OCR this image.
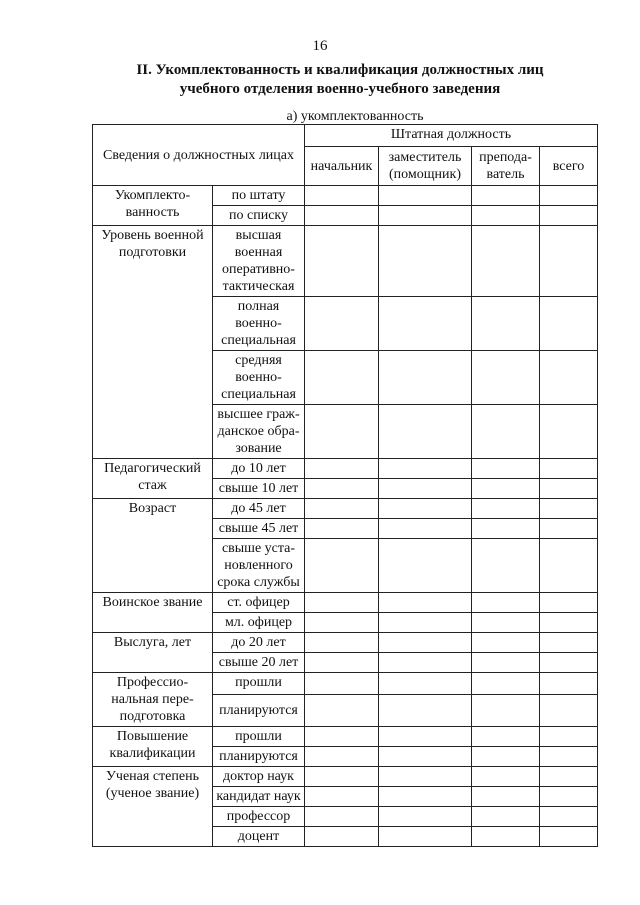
16
II. Укомплектованность и квалификация должностных лиц
учебного отделения военно-учебного заведения
а) укомплектованность
Сведения о должностных лицах		Штатная должность			
		начальник	заместитель (помощник)	препода-ватель	всего
Укомплекто-ванность	по штату				
	по списку				
Уровень военной подготовки	высшая военная оперативно-тактическая				
	полная военно-специальная				
	средняя военно-специальная				
	высшее граж-данское обра-зование				
Педагогический стаж	до 10 лет				
	свыше 10 лет				
Возраст	до 45 лет				
	свыше 45 лет				
	свыше уста-новленного срока службы				
Воинское звание	ст. офицер				
	мл. офицер				
Выслуга, лет	до 20 лет				
	свыше 20 лет				
Профессио-нальная пере-подготовка	прошли				
	планируются				
Повышение квалификации	прошли				
	планируются				
Ученая степень (ученое звание)	доктор наук				
	кандидат наук				
	профессор				
	доцент				
